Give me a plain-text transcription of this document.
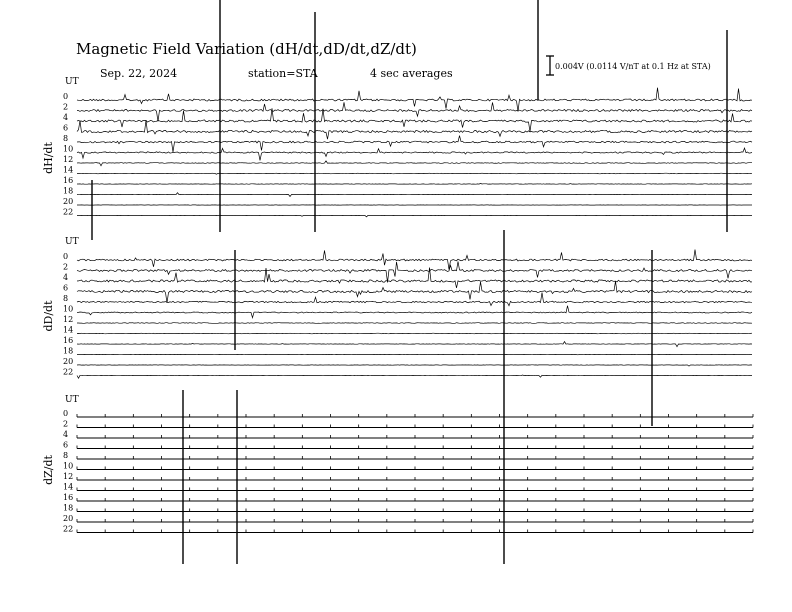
Magnetic Field Variation (dH/dt,dD/dt,dZ/dt)
Sep. 22, 2024	station=STA	4 sec averages
0.004V (0.0114 V/nT at 0.1 Hz at STA)
UT
dH/dt
0
2
4
6
8
10
12
14
16
18
20
22
UT
dD/dt
0
2
4
6
8
10
12
14
16
18
20
22
UT
dZ/dt
0
2
4
6
8
10
12
14
16
18
20
22
